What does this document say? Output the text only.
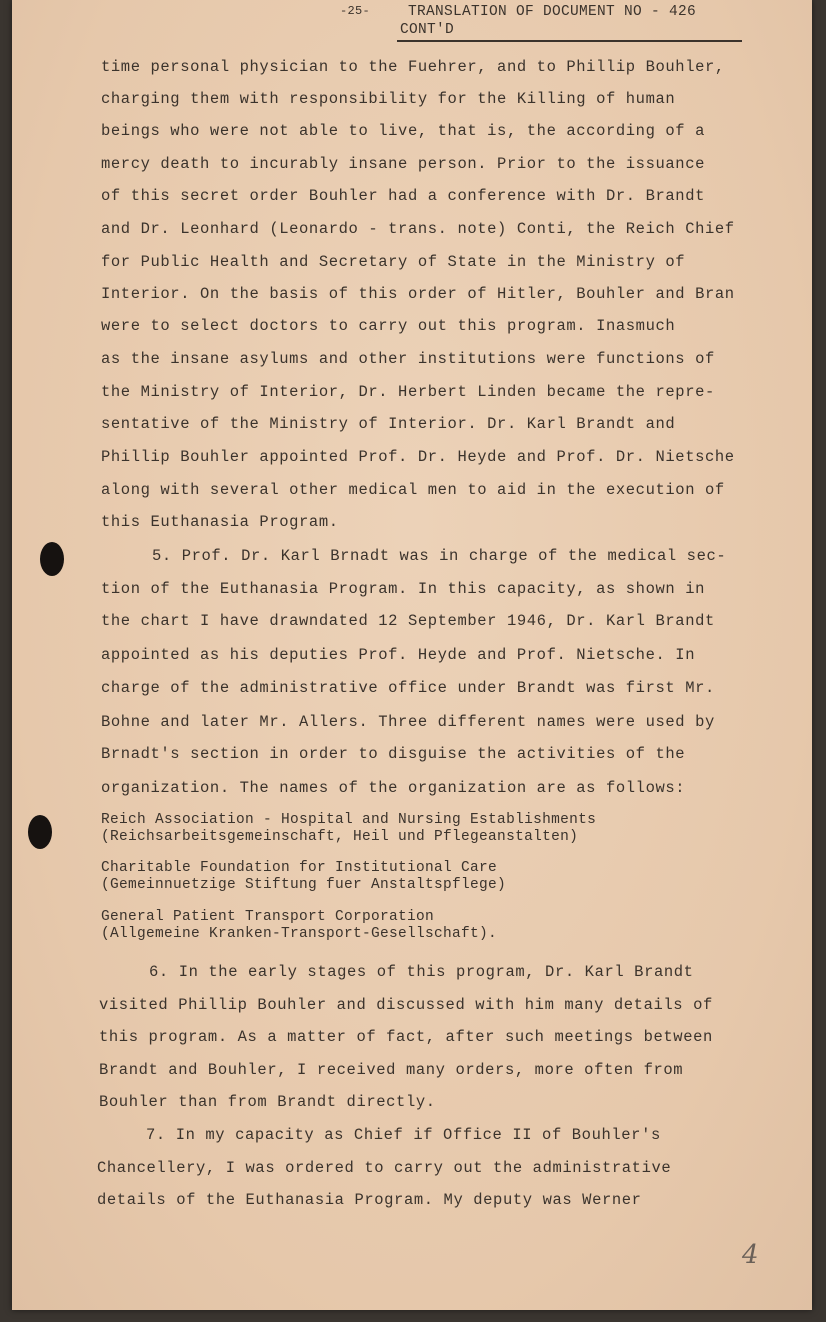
-25-	TRANSLATION OF DOCUMENT NO - 426
CONT'D
time personal physician to the Fuehrer, and to Phillip Bouhler,
charging them with responsibility for the Killing of human
beings who were not able to live, that is, the according of a
mercy death to incurably insane person. Prior to the issuance
of this secret order Bouhler had a conference with Dr. Brandt
and Dr. Leonhard (Leonardo - trans. note) Conti, the Reich Chief
for Public Health and Secretary of State in the Ministry of
Interior. On the basis of this order of Hitler, Bouhler and Bran
were to select doctors to carry out this program. Inasmuch
as the insane asylums and other institutions were functions of
the Ministry of Interior, Dr. Herbert Linden became the repre-
sentative of the Ministry of Interior. Dr. Karl Brandt and
Phillip Bouhler appointed Prof. Dr. Heyde and Prof. Dr. Nietsche
along with several other medical men to aid in the execution of
this Euthanasia Program.
5. Prof. Dr. Karl Brnadt was in charge of the medical sec-
tion of the Euthanasia Program. In this capacity, as shown in
the chart I have drawndated 12 September 1946, Dr. Karl Brandt
appointed as his deputies Prof. Heyde and Prof. Nietsche. In
charge of the administrative office under Brandt was first Mr.
Bohne and later Mr. Allers. Three different names were used by
Brnadt's section in order to disguise the activities of the
organization. The names of the organization are as follows:
Reich Association - Hospital and Nursing Establishments
(Reichsarbeitsgemeinschaft, Heil und Pflegeanstalten)
Charitable Foundation for Institutional Care
(Gemeinnuetzige Stiftung fuer Anstaltspflege)
General Patient Transport Corporation
(Allgemeine Kranken-Transport-Gesellschaft).
6. In the early stages of this program, Dr. Karl Brandt
visited Phillip Bouhler and discussed with him many details of
this program. As a matter of fact, after such meetings between
Brandt and Bouhler, I received many orders, more often from
Bouhler than from Brandt directly.
7. In my capacity as Chief if Office II of Bouhler's
Chancellery, I was ordered to carry out the administrative
details of the Euthanasia Program. My deputy was Werner
4
